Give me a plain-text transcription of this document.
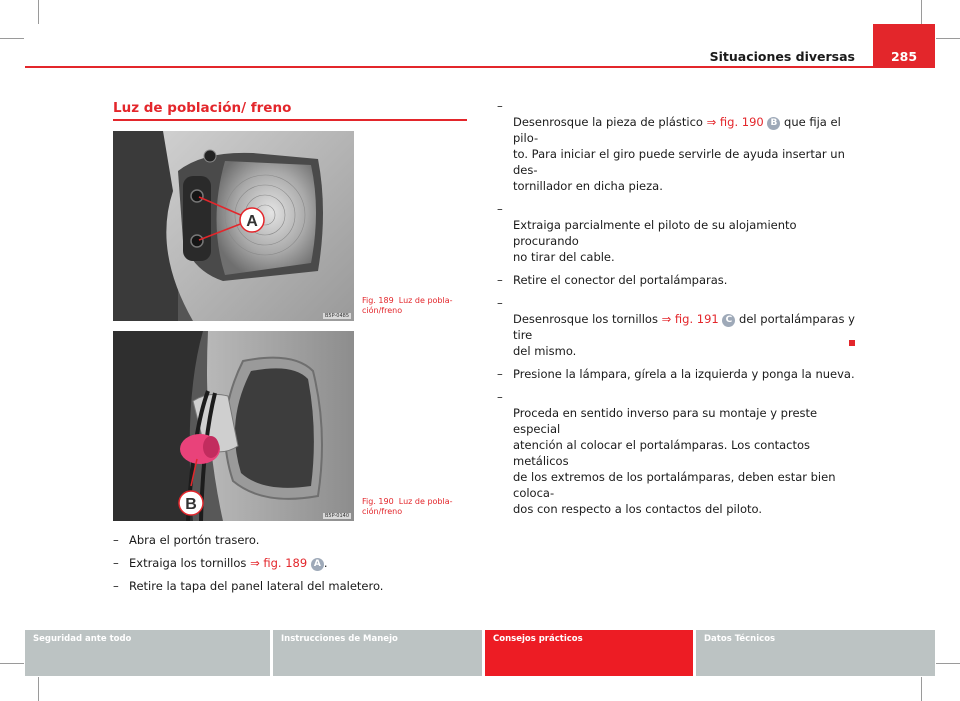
Situaciones diversas	285
Luz de población/ freno
A
B5P-0485
Fig. 189 Luz de pobla-
ción/freno
B
B5P-0140
Fig. 190 Luz de pobla-
ción/freno
– Abra el portón trasero.
– Extraiga los tornillos ⇒ fig. 189 A .
– Retire la tapa del panel lateral del maletero.

–
Desenrosque la pieza de plástico ⇒ fig. 190 B que fija el pilo-
to. Para iniciar el giro puede servirle de ayuda insertar un des-
tornillador en dicha pieza.

–
Extraiga parcialmente el piloto de su alojamiento procurando
no tirar del cable.

– Retire el conector del portalámparas.

–
Desenrosque los tornillos ⇒ fig. 191 C del portalámparas y tire
del mismo.

– Presione la lámpara, gírela a la izquierda y ponga la nueva.

–
Proceda en sentido inverso para su montaje y preste especial
atención al colocar el portalámparas. Los contactos metálicos
de los extremos de los portalámparas, deben estar bien coloca-
dos con respecto a los contactos del piloto.

Seguridad ante todo	Instrucciones de Manejo	Consejos prácticos	Datos Técnicos
